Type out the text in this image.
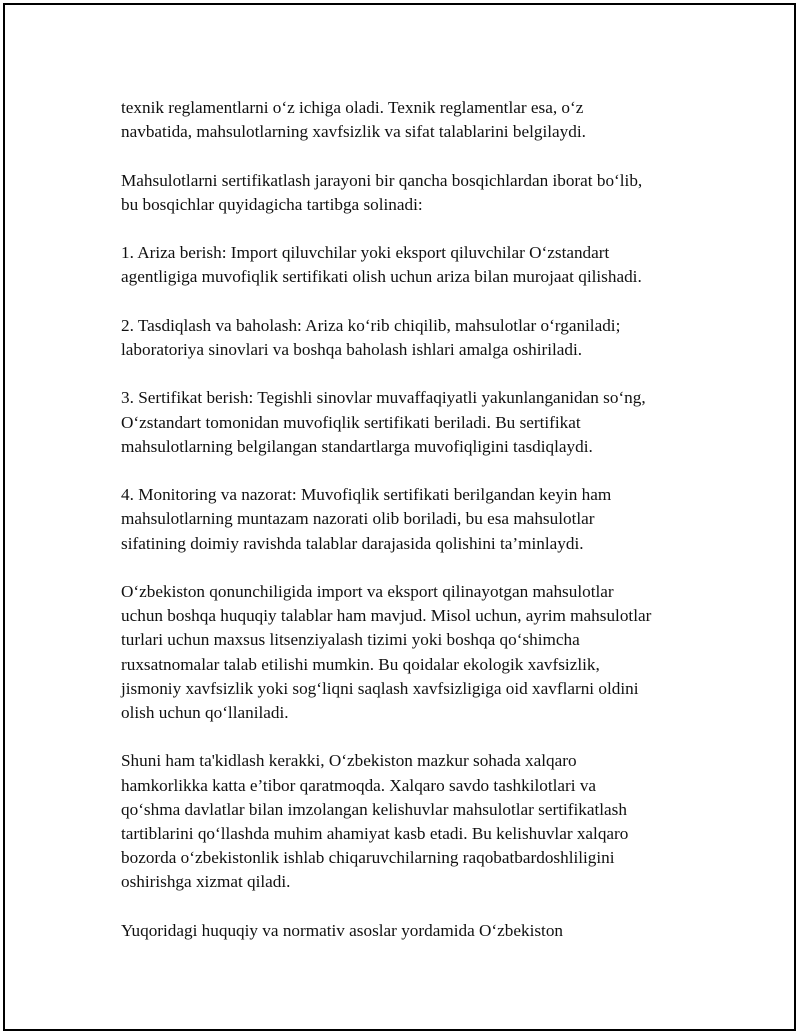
texnik reglamentlarni o‘z ichiga oladi. Texnik reglamentlar esa, o‘z
navbatida, mahsulotlarning xavfsizlik va sifat talablarini belgilaydi.

Mahsulotlarni sertifikatlash jarayoni bir qancha bosqichlardan iborat bo‘lib,
bu bosqichlar quyidagicha tartibga solinadi:

1. Ariza berish: Import qiluvchilar yoki eksport qiluvchilar O‘zstandart
agentligiga muvofiqlik sertifikati olish uchun ariza bilan murojaat qilishadi.

2. Tasdiqlash va baholash: Ariza ko‘rib chiqilib, mahsulotlar o‘rganiladi;
laboratoriya sinovlari va boshqa baholash ishlari amalga oshiriladi.

3. Sertifikat berish: Tegishli sinovlar muvaffaqiyatli yakunlanganidan so‘ng,
O‘zstandart tomonidan muvofiqlik sertifikati beriladi. Bu sertifikat
mahsulotlarning belgilangan standartlarga muvofiqligini tasdiqlaydi.

4. Monitoring va nazorat: Muvofiqlik sertifikati berilgandan keyin ham
mahsulotlarning muntazam nazorati olib boriladi, bu esa mahsulotlar
sifatining doimiy ravishda talablar darajasida qolishini ta’minlaydi.

O‘zbekiston qonunchiligida import va eksport qilinayotgan mahsulotlar
uchun boshqa huquqiy talablar ham mavjud. Misol uchun, ayrim mahsulotlar
turlari uchun maxsus litsenziyalash tizimi yoki boshqa qo‘shimcha
ruxsatnomalar talab etilishi mumkin. Bu qoidalar ekologik xavfsizlik,
jismoniy xavfsizlik yoki sog‘liqni saqlash xavfsizligiga oid xavflarni oldini
olish uchun qo‘llaniladi.

Shuni ham ta'kidlash kerakki, O‘zbekiston mazkur sohada xalqaro
hamkorlikka katta e’tibor qaratmoqda. Xalqaro savdo tashkilotlari va
qo‘shma davlatlar bilan imzolangan kelishuvlar mahsulotlar sertifikatlash
tartiblarini qo‘llashda muhim ahamiyat kasb etadi. Bu kelishuvlar xalqaro
bozorda o‘zbekistonlik ishlab chiqaruvchilarning raqobatbardoshliligini
oshirishga xizmat qiladi.

Yuqoridagi huquqiy va normativ asoslar yordamida O‘zbekiston
